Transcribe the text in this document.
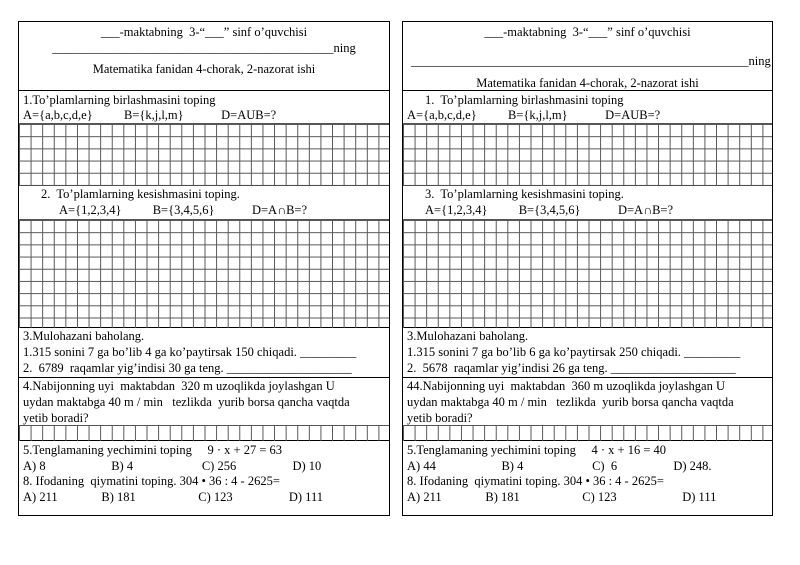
___-maktabning  3-“___” sinf o’quvchisi
_____________________________________________ning
Matematika fanidan 4-chorak, 2-nazorat ishi
1.To’plamlarning birlashmasini toping
A={a,b,c,d,e}          B={k,j,l,m}            D=AUB=?
2.  To’plamlarning kesishmasini toping.
A={1,2,3,4}          B={3,4,5,6}            D=A∩B=?
3.Mulohazani baholang.
1.315 sonini 7 ga bo’lib 4 ga ko’paytirsak 150 chiqadi. _________
2.  6789  raqamlar yig’indisi 30 ga teng. ____________________
4.Nabijonning uyi  maktabdan  320 m uzoqlikda joylashgan U
uydan maktabga 40 m / min   tezlikda  yurib borsa qancha vaqtda
yetib boradi?
5.Tenglamaning yechimini toping     9 · x + 27 = 63
A) 8                     B) 4                      C) 256                  D) 10
8. Ifodaning  qiymatini toping. 304 • 36 : 4 - 2625=
A) 211              B) 181                    C) 123                  D) 111
___-maktabning  3-“___” sinf o’quvchisi
______________________________________________________ning
Matematika fanidan 4-chorak, 2-nazorat ishi
1.  To’plamlarning birlashmasini toping
A={a,b,c,d,e}          B={k,j,l,m}            D=AUB=?
3.  To’plamlarning kesishmasini toping.
A={1,2,3,4}          B={3,4,5,6}            D=A∩B=?
3.Mulohazani baholang.
1.315 sonini 7 ga bo’lib 6 ga ko’paytirsak 250 chiqadi. _________
2.  5678  raqamlar yig’indisi 26 ga teng. ____________________
44.Nabijonning uyi  maktabdan  360 m uzoqlikda joylashgan U
uydan maktabga 40 m / min   tezlikda  yurib borsa qancha vaqtda
yetib boradi?
5.Tenglamaning yechimini toping     4 · x + 16 = 40
A) 44                     B) 4                      C)  6                  D) 248.
8. Ifodaning  qiymatini toping. 304 • 36 : 4 - 2625=
A) 211              B) 181                    C) 123                     D) 111
